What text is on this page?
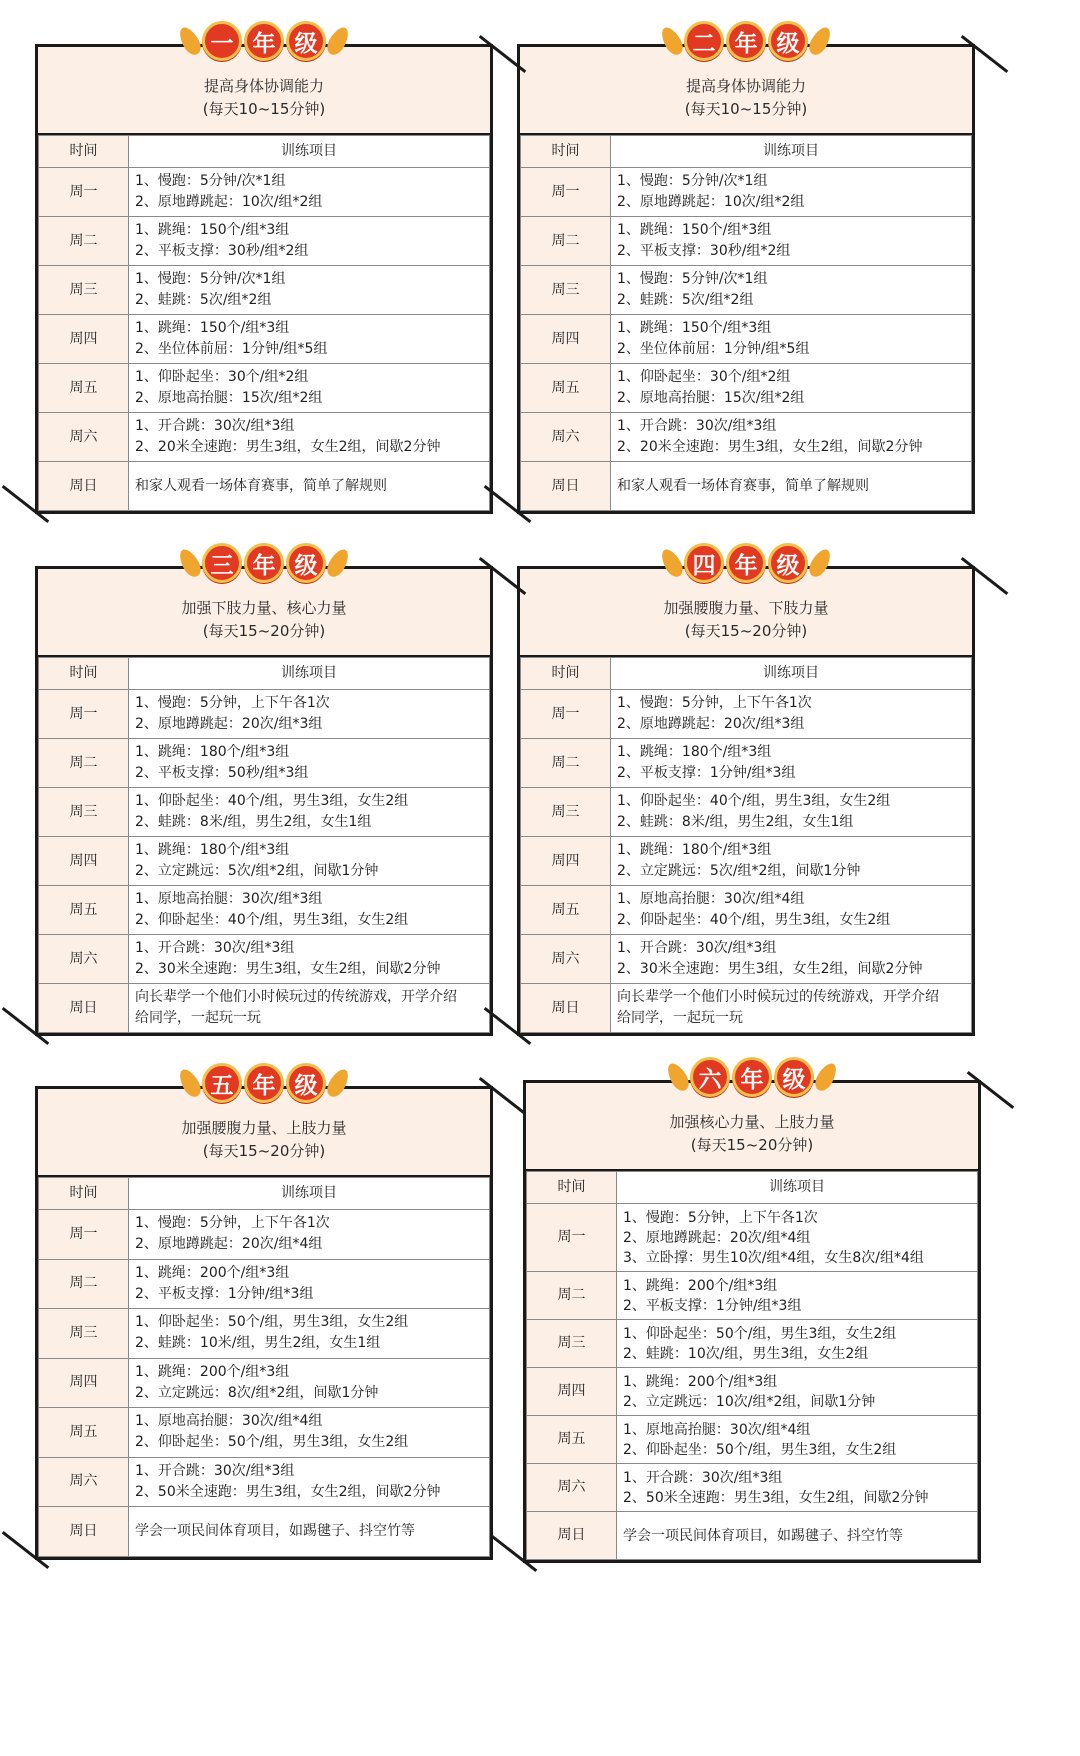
一 年 级
提高身体协调能力
(每天10~15分钟)
时间	训练项目
周一	1、慢跑：5分钟/次*1组
2、原地蹲跳起：10次/组*2组

周二	1、跳绳：150个/组*3组
2、平板支撑：30秒/组*2组

周三	1、慢跑：5分钟/次*1组
2、蛙跳：5次/组*2组

周四	1、跳绳：150个/组*3组
2、坐位体前屈：1分钟/组*5组

周五	1、仰卧起坐：30个/组*2组
2、原地高抬腿：15次/组*2组

周六	1、开合跳：30次/组*3组
2、20米全速跑：男生3组，女生2组，间歇2分钟

周日	和家人观看一场体育赛事，简单了解规则
二 年 级
提高身体协调能力
(每天10~15分钟)
时间	训练项目
周一	1、慢跑：5分钟/次*1组
2、原地蹲跳起：10次/组*2组

周二	1、跳绳：150个/组*3组
2、平板支撑：30秒/组*2组

周三	1、慢跑：5分钟/次*1组
2、蛙跳：5次/组*2组

周四	1、跳绳：150个/组*3组
2、坐位体前屈：1分钟/组*5组

周五	1、仰卧起坐：30个/组*2组
2、原地高抬腿：15次/组*2组

周六	1、开合跳：30次/组*3组
2、20米全速跑：男生3组，女生2组，间歇2分钟

周日	和家人观看一场体育赛事，简单了解规则
三 年 级
加强下肢力量、核心力量
(每天15~20分钟)
时间	训练项目
周一	1、慢跑：5分钟，上下午各1次
2、原地蹲跳起：20次/组*3组

周二	1、跳绳：180个/组*3组
2、平板支撑：50秒/组*3组

周三	1、仰卧起坐：40个/组，男生3组，女生2组
2、蛙跳：8米/组，男生2组，女生1组

周四	1、跳绳：180个/组*3组
2、立定跳远：5次/组*2组，间歇1分钟

周五	1、原地高抬腿：30次/组*3组
2、仰卧起坐：40个/组，男生3组，女生2组

周六	1、开合跳：30次/组*3组
2、30米全速跑：男生3组，女生2组，间歇2分钟

周日	向长辈学一个他们小时候玩过的传统游戏，开学介绍
给同学，一起玩一玩
四 年 级
加强腰腹力量、下肢力量
(每天15~20分钟)
时间	训练项目
周一	1、慢跑：5分钟，上下午各1次
2、原地蹲跳起：20次/组*3组

周二	1、跳绳：180个/组*3组
2、平板支撑：1分钟/组*3组

周三	1、仰卧起坐：40个/组，男生3组，女生2组
2、蛙跳：8米/组，男生2组，女生1组

周四	1、跳绳：180个/组*3组
2、立定跳远：5次/组*2组，间歇1分钟

周五	1、原地高抬腿：30次/组*4组
2、仰卧起坐：40个/组，男生3组，女生2组

周六	1、开合跳：30次/组*3组
2、30米全速跑：男生3组，女生2组，间歇2分钟

周日	向长辈学一个他们小时候玩过的传统游戏，开学介绍
给同学，一起玩一玩
五 年 级
加强腰腹力量、上肢力量
(每天15~20分钟)
时间	训练项目
周一	1、慢跑：5分钟，上下午各1次
2、原地蹲跳起：20次/组*4组

周二	1、跳绳：200个/组*3组
2、平板支撑：1分钟/组*3组

周三	1、仰卧起坐：50个/组，男生3组，女生2组
2、蛙跳：10米/组，男生2组，女生1组

周四	1、跳绳：200个/组*3组
2、立定跳远：8次/组*2组，间歇1分钟

周五	1、原地高抬腿：30次/组*4组
2、仰卧起坐：50个/组，男生3组，女生2组

周六	1、开合跳：30次/组*3组
2、50米全速跑：男生3组，女生2组，间歇2分钟

周日	学会一项民间体育项目，如踢毽子、抖空竹等
六 年 级
加强核心力量、上肢力量
(每天15~20分钟)
时间	训练项目
周一	1、慢跑：5分钟，上下午各1次
2、原地蹲跳起：20次/组*4组
3、立卧撑：男生10次/组*4组，女生8次/组*4组

周二	1、跳绳：200个/组*3组
2、平板支撑：1分钟/组*3组

周三	1、仰卧起坐：50个/组，男生3组，女生2组
2、蛙跳：10次/组，男生3组，女生2组

周四	1、跳绳：200个/组*3组
2、立定跳远：10次/组*2组，间歇1分钟

周五	1、原地高抬腿：30次/组*4组
2、仰卧起坐：50个/组，男生3组，女生2组

周六	1、开合跳：30次/组*3组
2、50米全速跑：男生3组，女生2组，间歇2分钟

周日	学会一项民间体育项目，如踢毽子、抖空竹等
